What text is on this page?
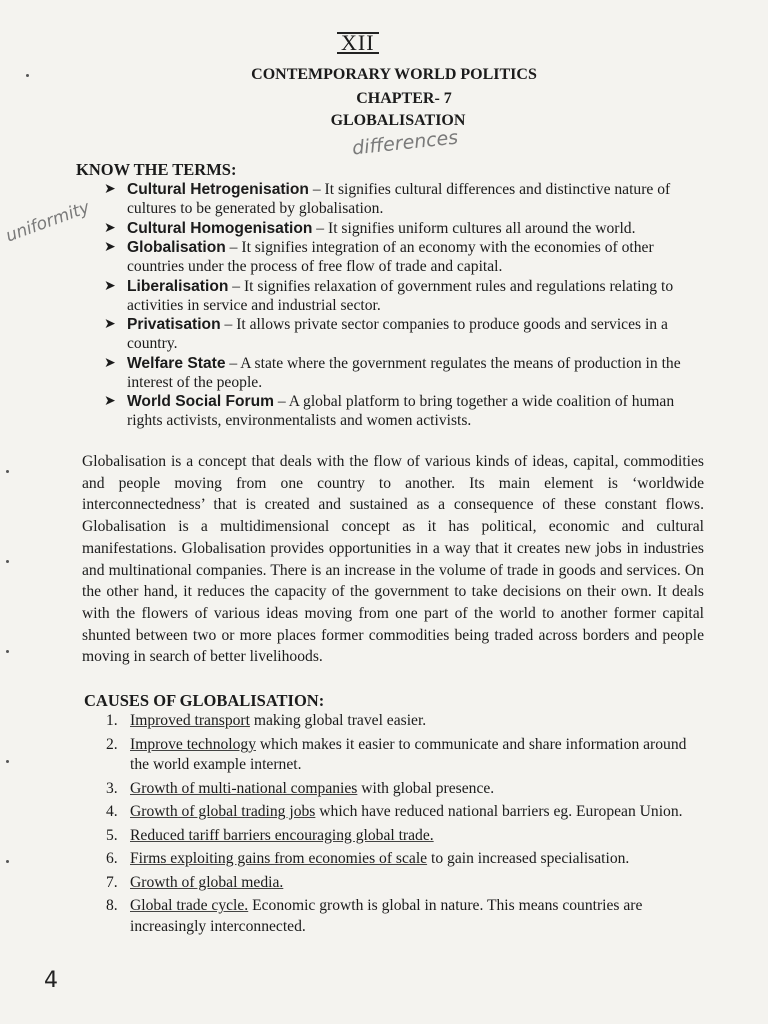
XII
CONTEMPORARY WORLD POLITICS
CHAPTER- 7
GLOBALISATION
differences
uniformity
KNOW THE TERMS:
➤ Cultural Hetrogenisation – It signifies cultural differences and distinctive nature of cultures to be generated by globalisation.
➤ Cultural Homogenisation – It signifies uniform cultures all around the world.
➤ Globalisation – It signifies integration of an economy with the economies of other countries under the process of free flow of trade and capital.
➤ Liberalisation – It signifies relaxation of government rules and regulations relating to activities in service and industrial sector.
➤ Privatisation – It allows private sector companies to produce goods and services in a country.
➤ Welfare State – A state where the government regulates the means of production in the interest of the people.
➤ World Social Forum – A global platform to bring together a wide coalition of human rights activists, environmentalists and women activists.
Globalisation is a concept that deals with the flow of various kinds of ideas, capital, commodities and people moving from one country to another. Its main element is ‘worldwide interconnectedness’ that is created and sustained as a consequence of these constant flows. Globalisation is a multidimensional concept as it has political, economic and cultural manifestations. Globalisation provides opportunities in a way that it creates new jobs in industries and multinational companies. There is an increase in the volume of trade in goods and services. On the other hand, it reduces the capacity of the government to take decisions on their own. It deals with the flowers of various ideas moving from one part of the world to another former capital shunted between two or more places former commodities being traded across borders and people moving in search of better livelihoods.
CAUSES OF GLOBALISATION:
1. Improved transport making global travel easier.
2. Improve technology which makes it easier to communicate and share information around the world example internet.
3. Growth of multi-national companies with global presence.
4. Growth of global trading jobs which have reduced national barriers eg. European Union.
5. Reduced tariff barriers encouraging global trade.
6. Firms exploiting gains from economies of scale to gain increased specialisation.
7. Growth of global media.
8. Global trade cycle. Economic growth is global in nature. This means countries are increasingly interconnected.
4
